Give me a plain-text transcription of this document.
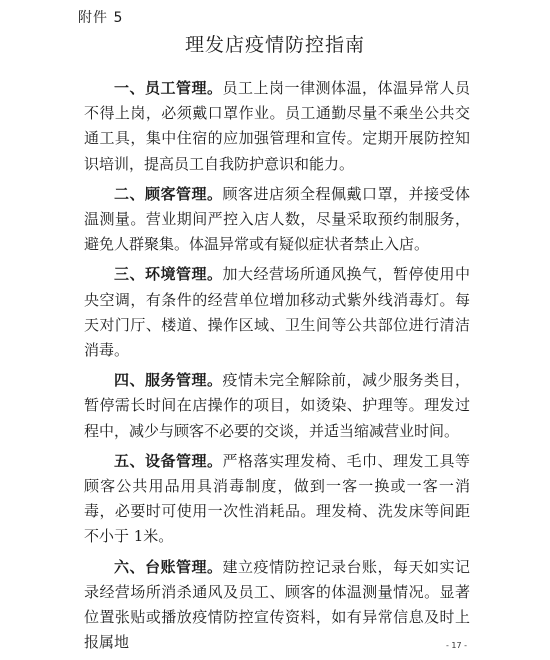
附件 5
理发店疫情防控指南

一、员工管理。员工上岗一律测体温，体温异常人员不得上岗，必须戴口罩作业。员工通勤尽量不乘坐公共交通工具，集中住宿的应加强管理和宣传。定期开展防控知识培训，提高员工自我防护意识和能力。

二、顾客管理。顾客进店须全程佩戴口罩，并接受体温测量。营业期间严控入店人数，尽量采取预约制服务，避免人群聚集。体温异常或有疑似症状者禁止入店。

三、环境管理。加大经营场所通风换气，暂停使用中央空调，有条件的经营单位增加移动式紫外线消毒灯。每天对门厅、楼道、操作区域、卫生间等公共部位进行清洁消毒。

四、服务管理。疫情未完全解除前，减少服务类目，暂停需长时间在店操作的项目，如烫染、护理等。理发过程中，减少与顾客不必要的交谈，并适当缩减营业时间。

五、设备管理。严格落实理发椅、毛巾、理发工具等顾客公共用品用具消毒制度，做到一客一换或一客一消毒，必要时可使用一次性消耗品。理发椅、洗发床等间距不小于 1米。

六、台账管理。建立疫情防控记录台账，每天如实记录经营场所消杀通风及员工、顾客的体温测量情况。显著位置张贴或播放疫情防控宣传资料，如有异常信息及时上报属地	- 17 -
